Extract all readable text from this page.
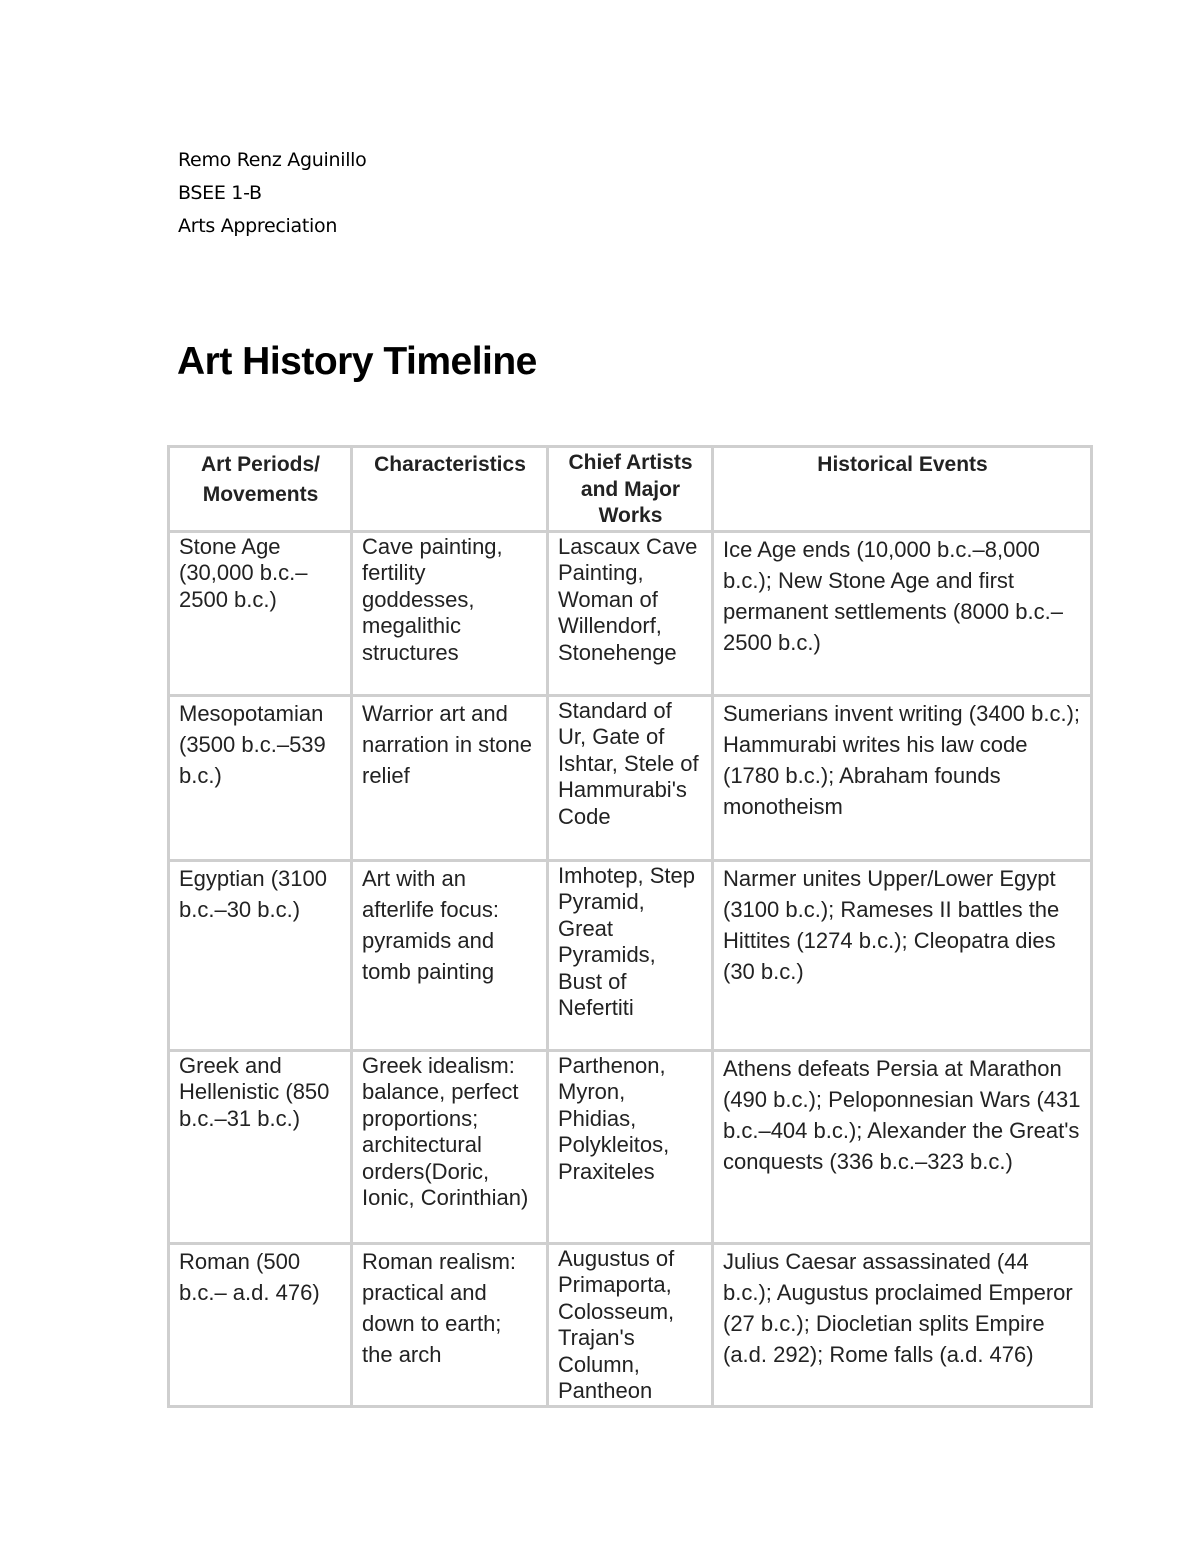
Remo Renz Aguinillo
BSEE 1-B
Arts Appreciation
Art History Timeline
Art Periods/ Movements	Characteristics	Chief Artists and Major Works	Historical Events
Stone Age (30,000 b.c.–2500 b.c.)	Cave painting, fertility goddesses, megalithic structures	Lascaux Cave Painting, Woman of Willendorf, Stonehenge	Ice Age ends (10,000 b.c.–8,000 b.c.); New Stone Age and first permanent settlements (8000 b.c.–2500 b.c.)
Mesopotamian (3500 b.c.–539 b.c.)	Warrior art and narration in stone relief	Standard of Ur, Gate of Ishtar, Stele of Hammurabi's Code	Sumerians invent writing (3400 b.c.); Hammurabi writes his law code (1780 b.c.); Abraham founds monotheism
Egyptian (3100 b.c.–30 b.c.)	Art with an afterlife focus: pyramids and tomb painting	Imhotep, Step Pyramid, Great Pyramids, Bust of Nefertiti	Narmer unites Upper/Lower Egypt (3100 b.c.); Rameses II battles the Hittites (1274 b.c.); Cleopatra dies (30 b.c.)
Greek and Hellenistic (850 b.c.–31 b.c.)	Greek idealism: balance, perfect proportions; architectural orders(Doric, Ionic, Corinthian)	Parthenon, Myron, Phidias, Polykleitos, Praxiteles	Athens defeats Persia at Marathon (490 b.c.); Peloponnesian Wars (431 b.c.–404 b.c.); Alexander the Great's conquests (336 b.c.–323 b.c.)
Roman (500 b.c.– a.d. 476)	Roman realism: practical and down to earth; the arch	Augustus of Primaporta, Colosseum, Trajan's Column, Pantheon	Julius Caesar assassinated (44 b.c.); Augustus proclaimed Emperor (27 b.c.); Diocletian splits Empire (a.d. 292); Rome falls (a.d. 476)
